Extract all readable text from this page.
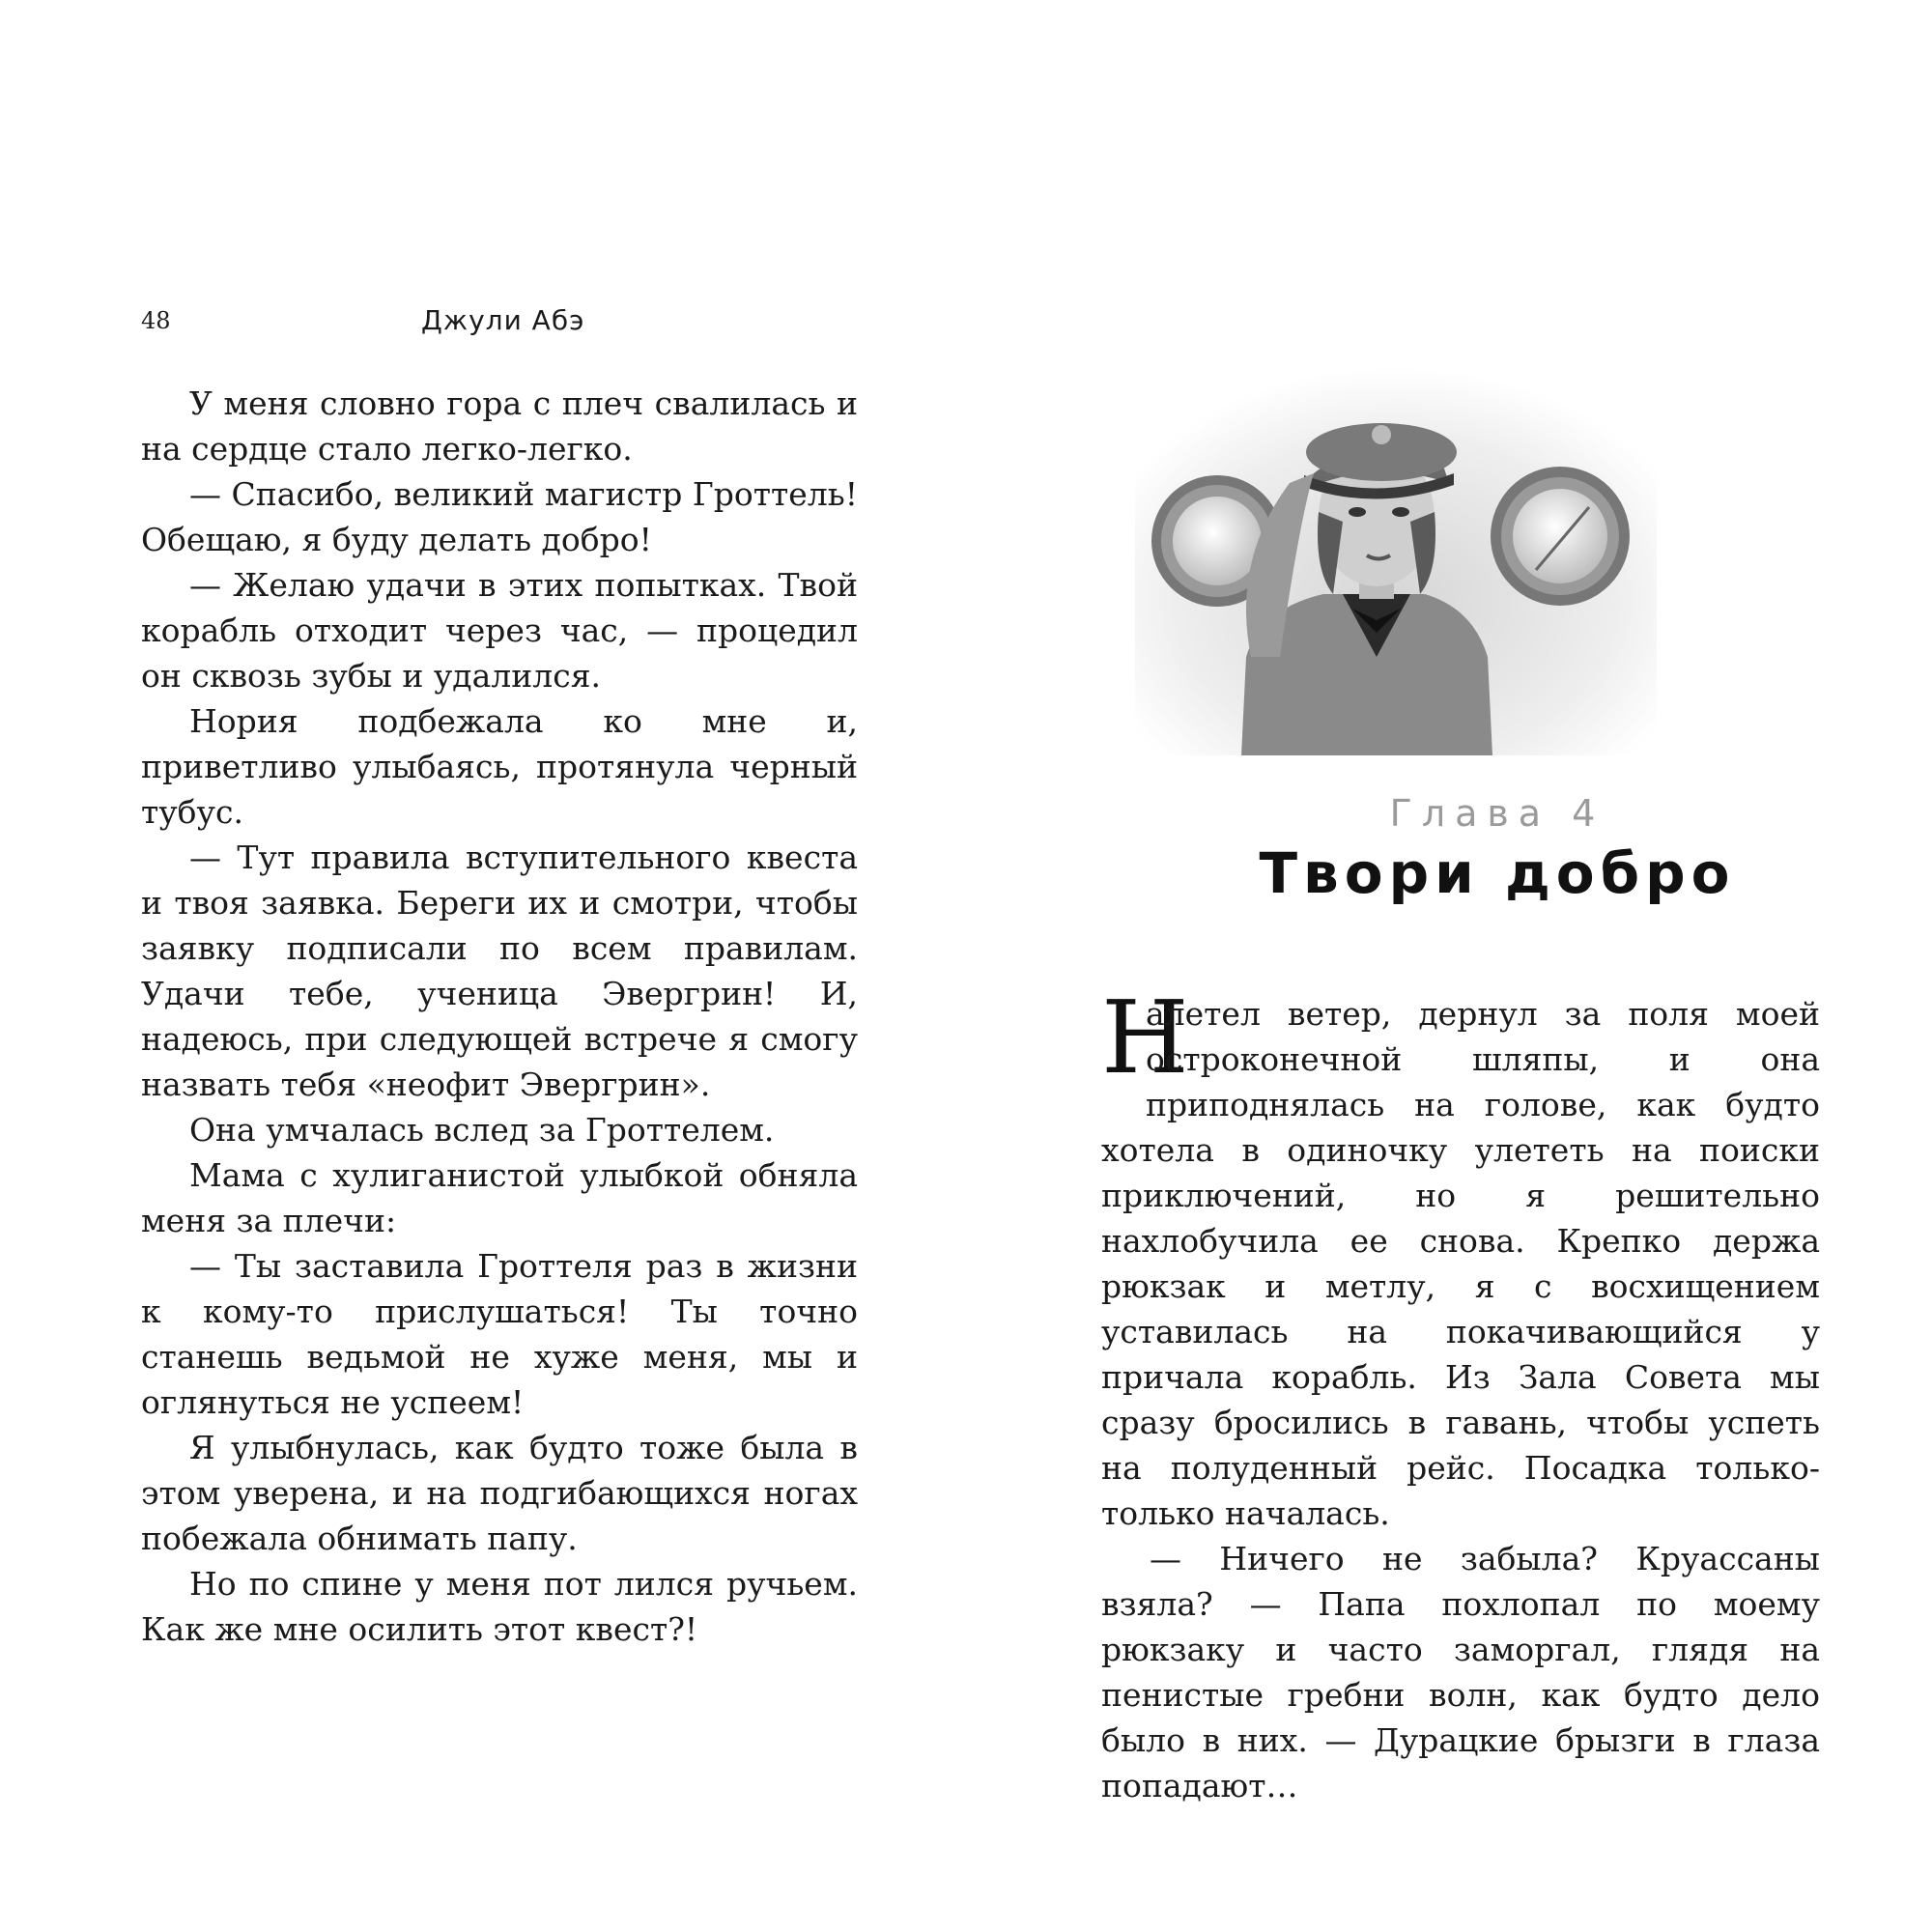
48	Джули Абэ

У меня словно гора с плеч свалилась и на сердце стало легко-легко.

— Спасибо, великий магистр Гроттель! Обещаю, я буду делать добро!

— Желаю удачи в этих попытках. Твой корабль отходит через час, — процедил он сквозь зубы и удалился.

Нория подбежала ко мне и, приветливо улыбаясь, протянула черный тубус.

— Тут правила вступительного квеста и твоя заявка. Береги их и смотри, чтобы заявку подписали по всем правилам. Удачи тебе, ученица Эвергрин! И, надеюсь, при следующей встрече я смогу назвать тебя «неофит Эвергрин».

Она умчалась вслед за Гроттелем.

Мама с хулиганистой улыбкой обняла меня за плечи:

— Ты заставила Гроттеля раз в жизни к кому-то прислушаться! Ты точно станешь ведьмой не хуже меня, мы и оглянуться не успеем!

Я улыбнулась, как будто тоже была в этом уверена, и на подгибающихся ногах побежала обнимать папу.

Но по спине у меня пот лился ручьем. Как же мне осилить этот квест?!

Глава 4
Твори добро

Н
алетел ветер, дернул за поля моей остроконечной шляпы, и она приподнялась на голове, как будто хотела в одиночку улететь на поиски приключений, но я решительно нахлобучила ее снова. Крепко держа рюкзак и метлу, я с восхищением уставилась на покачивающийся у причала корабль. Из Зала Совета мы сразу бросились в гавань, чтобы успеть на полуденный рейс. Посадка только-только началась.

— Ничего не забыла? Круассаны взяла? — Папа похлопал по моему рюкзаку и часто заморгал, глядя на пенистые гребни волн, как будто дело было в них. — Дурацкие брызги в глаза попадают…
